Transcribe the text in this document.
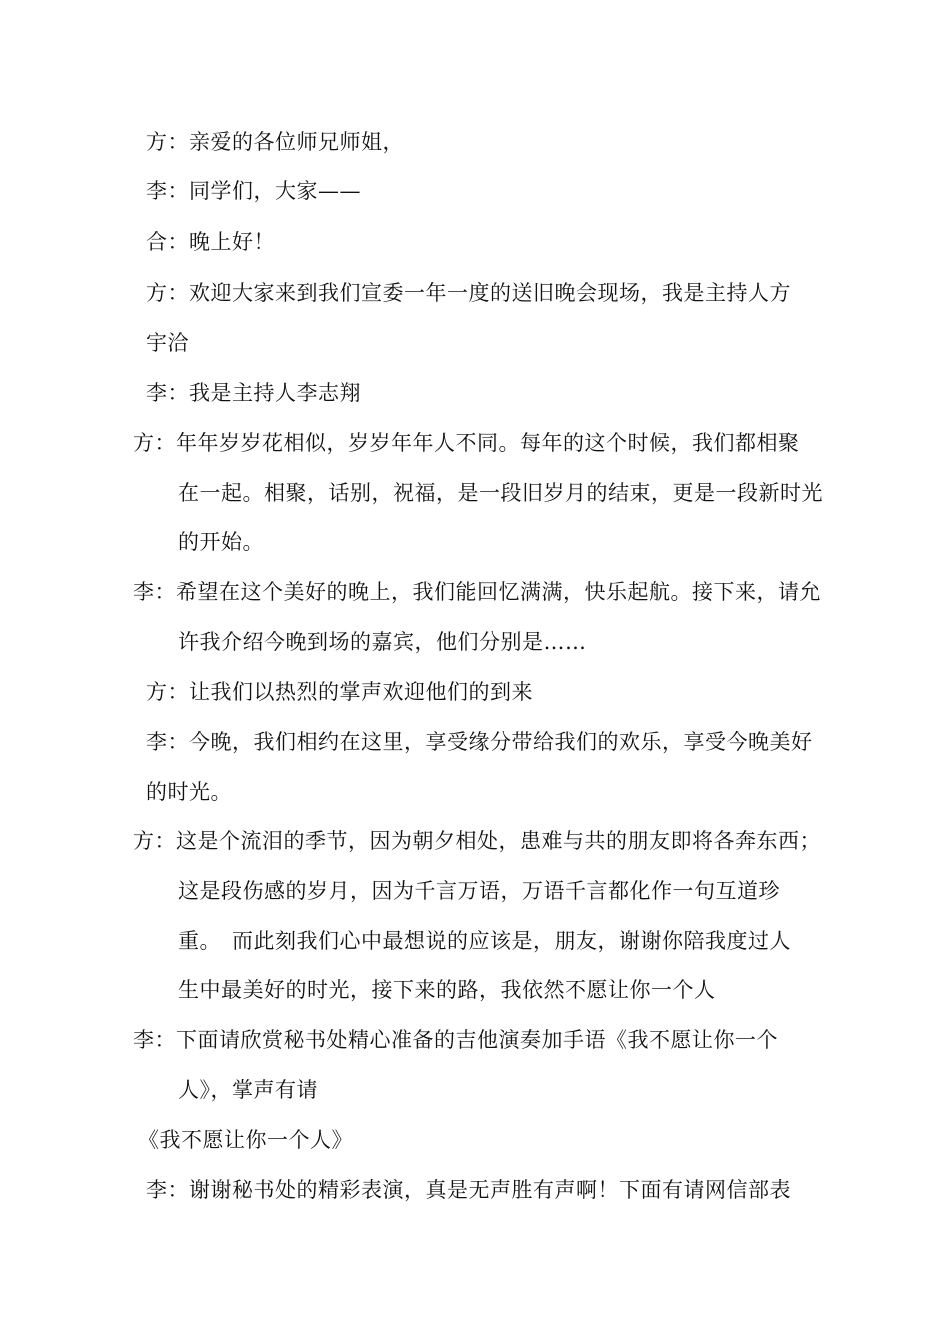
方：亲爱的各位师兄师姐，
李：同学们，大家——
合：晚上好！
方：欢迎大家来到我们宣委一年一度的送旧晚会现场，我是主持人方
宇洽
李：我是主持人李志翔
方：年年岁岁花相似，岁岁年年人不同。每年的这个时候，我们都相聚
在一起。相聚，话别，祝福，是一段旧岁月的结束，更是一段新时光
的开始。
李：希望在这个美好的晚上，我们能回忆满满，快乐起航。接下来，请允
许我介绍今晚到场的嘉宾，他们分别是……
方：让我们以热烈的掌声欢迎他们的到来
李：今晚，我们相约在这里，享受缘分带给我们的欢乐，享受今晚美好
的时光。
方：这是个流泪的季节，因为朝夕相处，患难与共的朋友即将各奔东西；
这是段伤感的岁月，因为千言万语，万语千言都化作一句互道珍
重。　而此刻我们心中最想说的应该是，朋友，谢谢你陪我度过人
生中最美好的时光，接下来的路，我依然不愿让你一个人
李：下面请欣赏秘书处精心准备的吉他演奏加手语《我不愿让你一个
人》，掌声有请
《我不愿让你一个人》
李：谢谢秘书处的精彩表演，真是无声胜有声啊！下面有请网信部表
